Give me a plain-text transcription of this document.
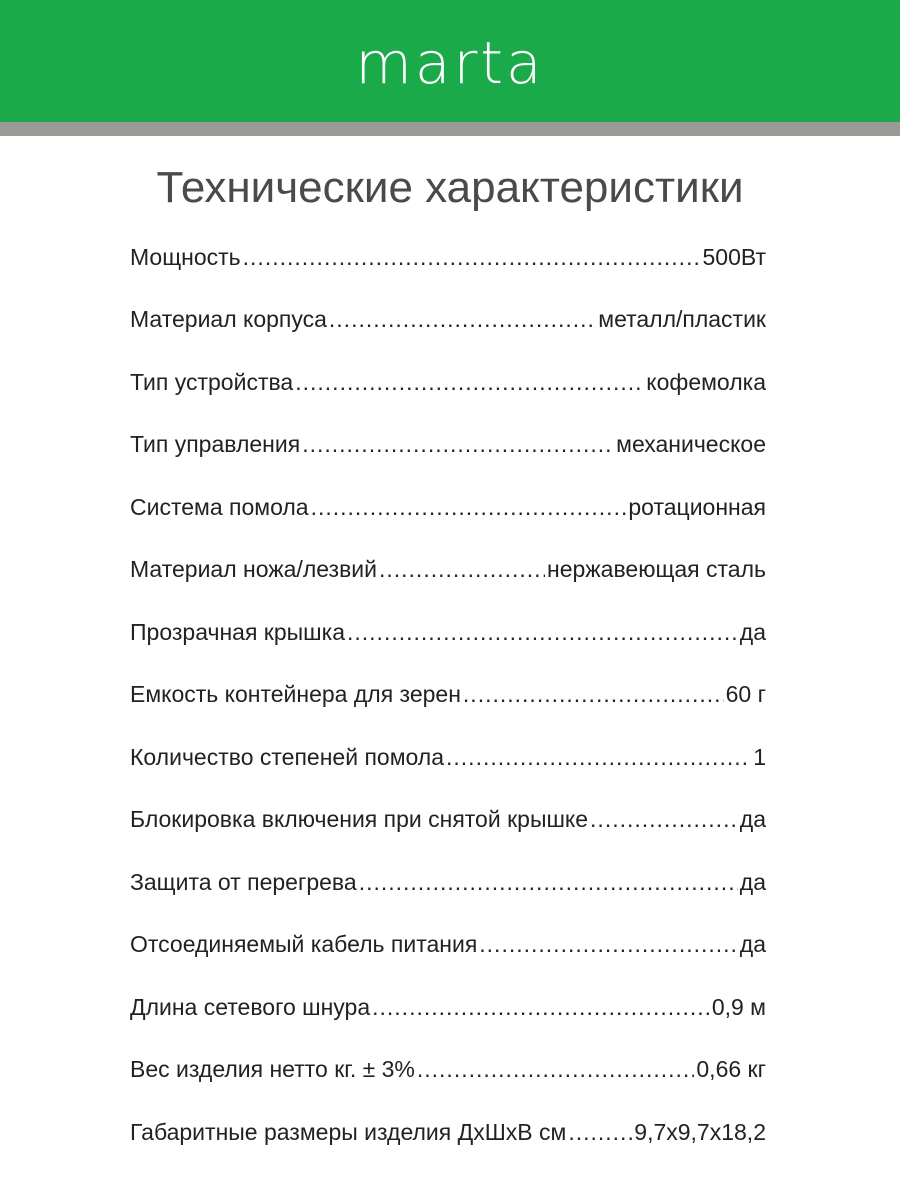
marta
Технические характеристики
Мощность .....	500Вт
Материал корпуса .....	металл/пластик
Тип устройства .....	кофемолка
Тип управления .....	механическое
Система помола .....	ротационная
Материал ножа/лезвий .....	нержавеющая сталь
Прозрачная крышка .....	да
Емкость контейнера для зерен .....	60 г
Количество степеней помола .....	1
Блокировка включения при снятой крышке .....	да
Защита от перегрева .....	да
Отсоединяемый кабель питания .....	да
Длина сетевого шнура .....	0,9 м
Вес изделия нетто кг. ± 3% .....	0,66 кг
Габаритные размеры изделия ДхШхВ см .....	9,7x9,7x18,2
